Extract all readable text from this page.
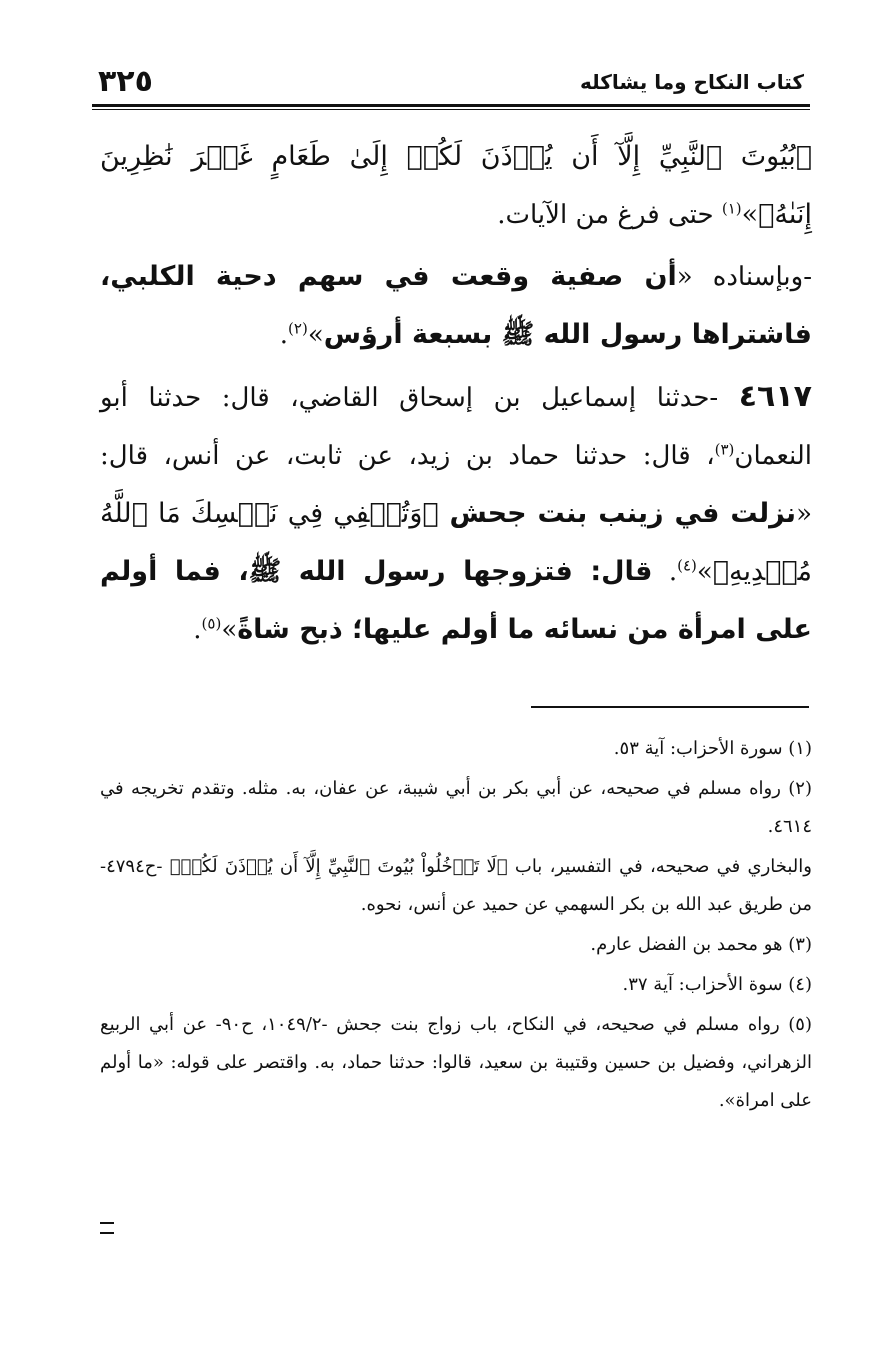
كتاب النكاح وما يشاكله
٣٢٥

﴿بُيُوتَ ٱلنَّبِيِّ إِلَّآ أَن يُؤۡذَنَ لَكُمۡ إِلَىٰ طَعَامٍ غَيۡرَ نَٰظِرِينَ إِنَىٰهُ﴾»$^{(١)}$ حتى فرغ من الآيات.

-وبإسناده «أن صفية وقعت في سهم دحية الكلبي، فاشتراها رسول الله ﷺ بسبعة أرؤس»$^{(٢)}$.

٤٦١٧ -حدثنا إسماعيل بن إسحاق القاضي، قال: حدثنا أبو النعمان$^{(٣)}$، قال: حدثنا حماد بن زيد، عن ثابت، عن أنس، قال: «نزلت في زينب بنت جحش ﴿وَتُخۡفِي فِي نَفۡسِكَ مَا ٱللَّهُ مُبۡدِيهِ﴾»$^{(٤)}$. قال: فتزوجها رسول الله ﷺ، فما أولم على امرأة من نسائه ما أولم عليها؛ ذبح شاةً»$^{(٥)}$.

(١) سورة الأحزاب: آية ٥٣.

(٢) رواه مسلم في صحيحه، عن أبي بكر بن أبي شيبة، عن عفان، به. مثله. وتقدم تخريجه في ٤٦١٤.

والبخاري في صحيحه، في التفسير، باب ﴿لَا تَدۡخُلُواْ بُيُوتَ ٱلنَّبِيِّ إِلَّآ أَن يُؤۡذَنَ لَكُمۡ﴾ -ح٤٧٩٤- من طريق عبد الله بن بكر السهمي عن حميد عن أنس، نحوه.

(٣) هو محمد بن الفضل عارم.

(٤) سوة الأحزاب: آية ٣٧.

(٥) رواه مسلم في صحيحه، في النكاح، باب زواج بنت جحش -١٠٤٩/٢، ح٩٠- عن أبي الربيع الزهراني، وفضيل بن حسين وقتيبة بن سعيد، قالوا: حدثنا حماد، به. واقتصر على قوله: «ما أولم على امراة».
